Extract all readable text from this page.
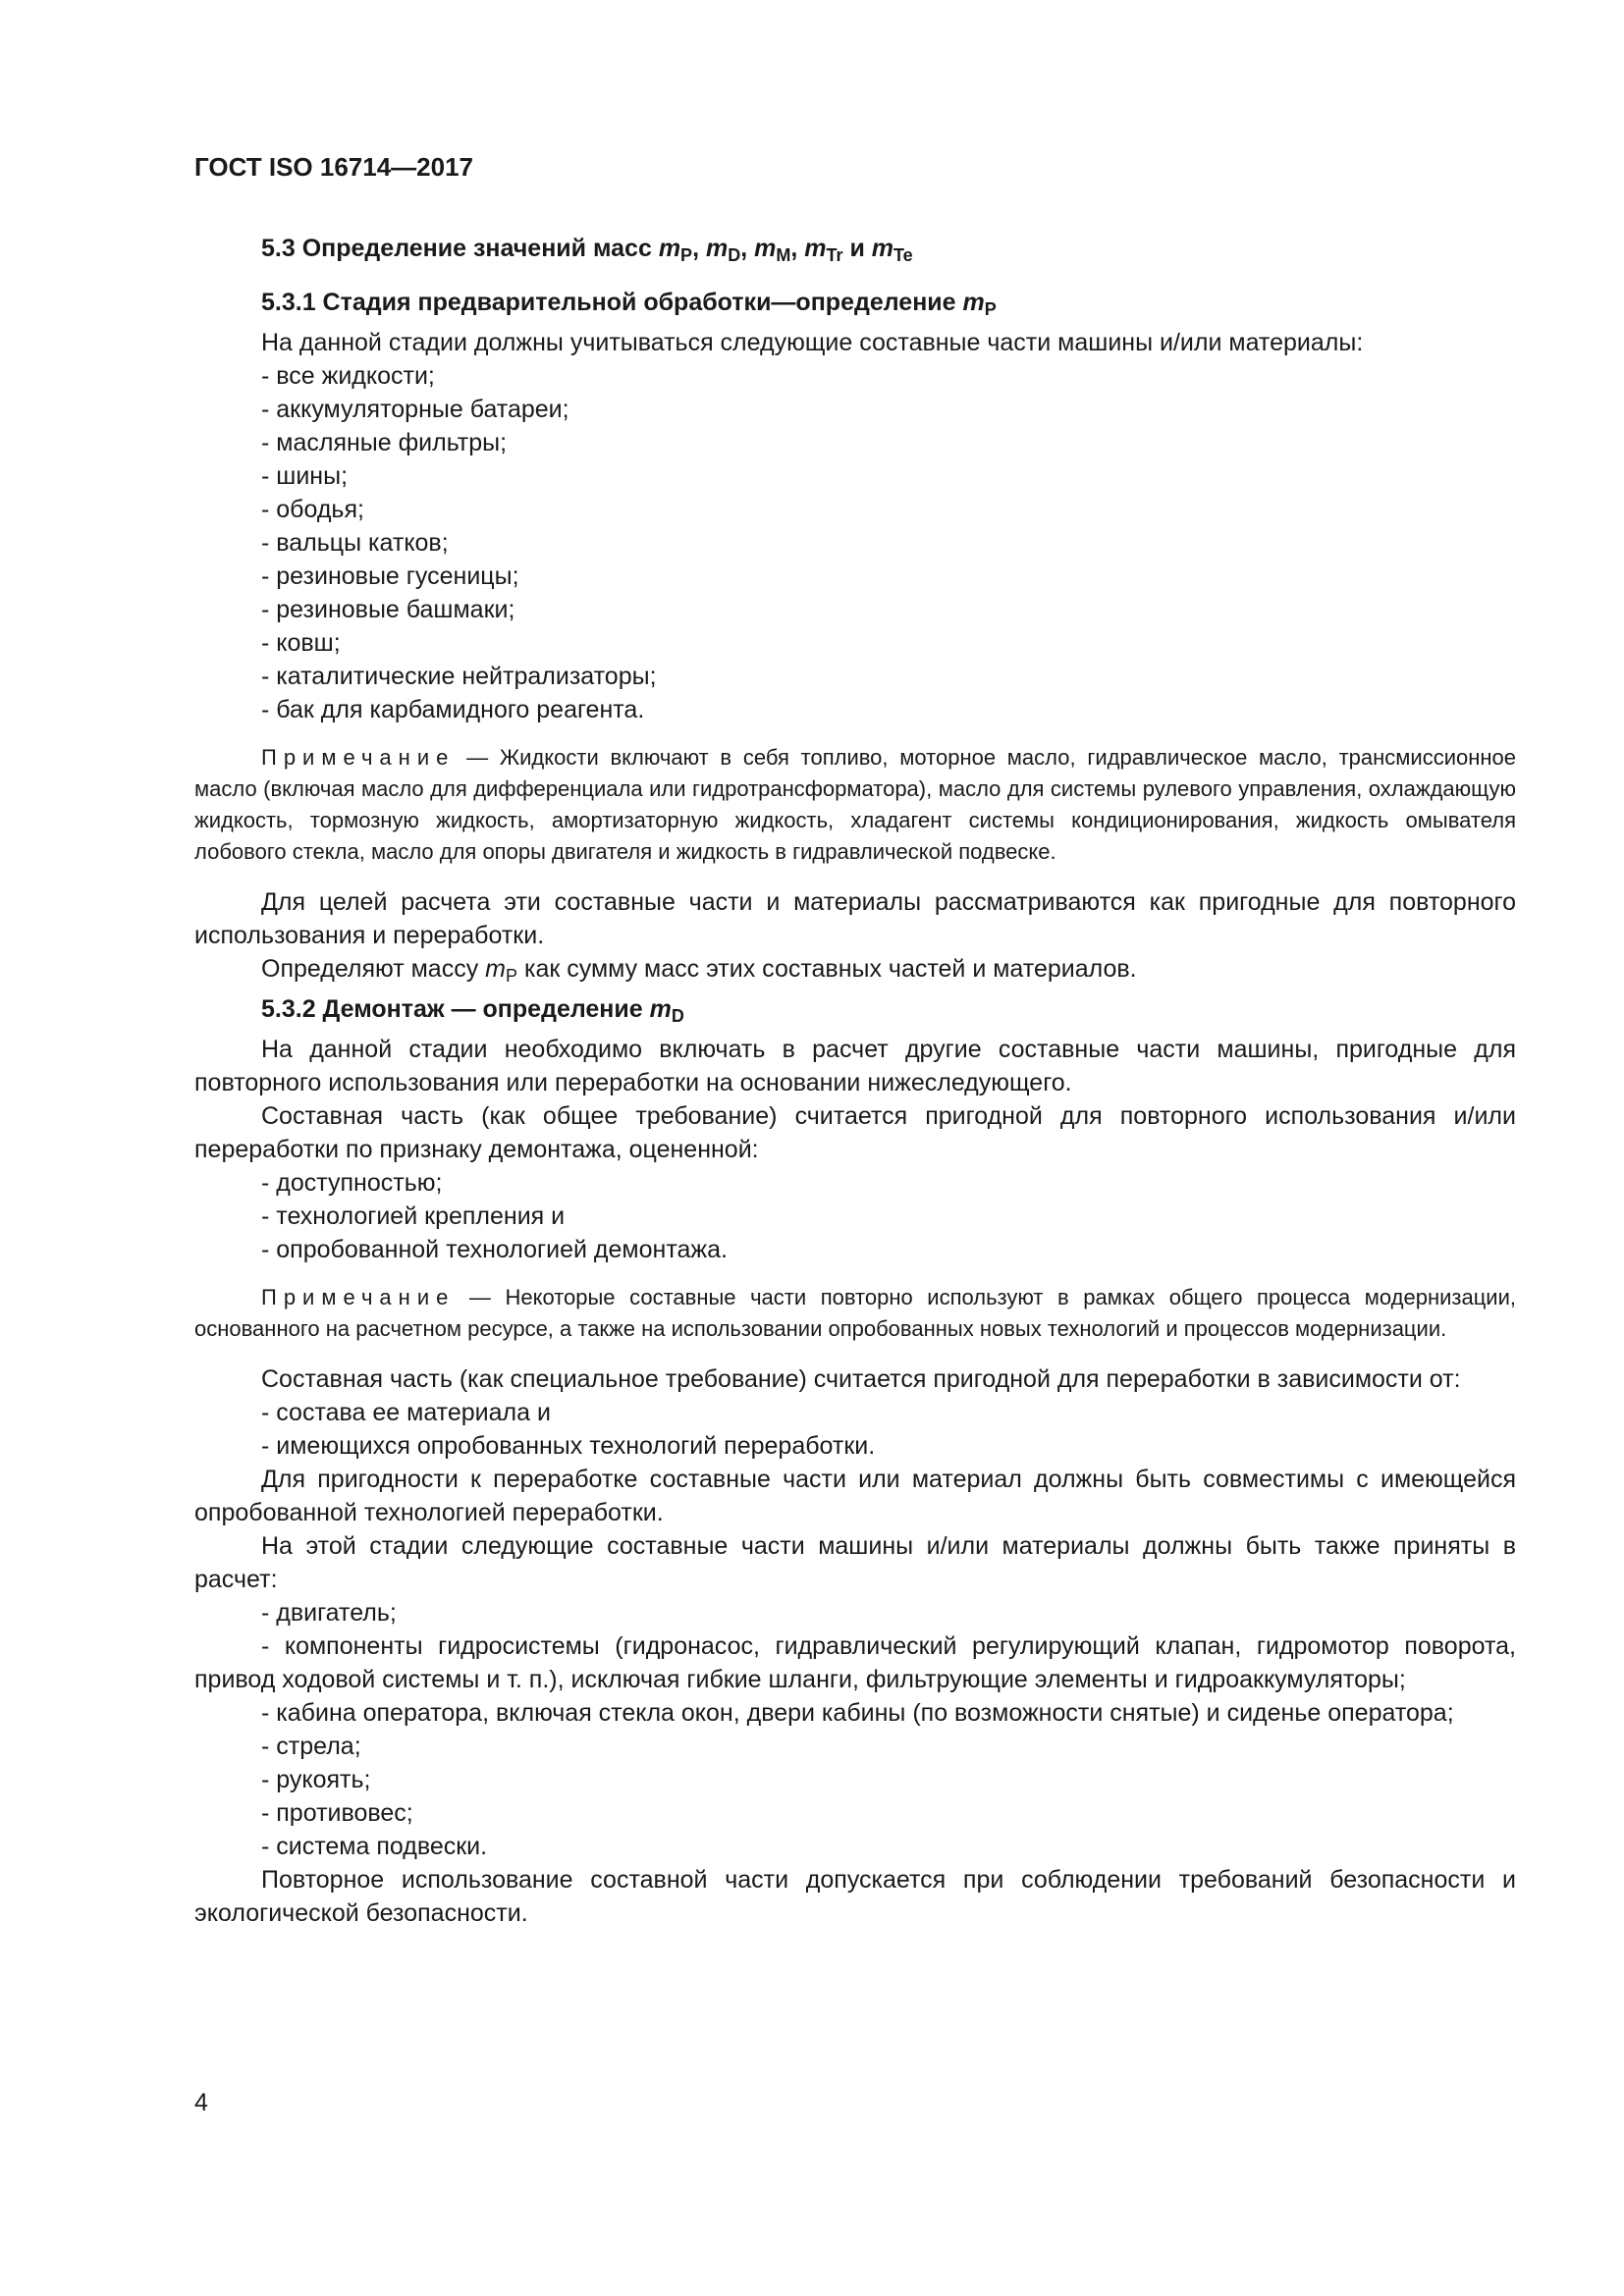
ГОСТ ISO 16714—2017
5.3 Определение значений масс $m_P$, $m_D$, $m_M$, $m_{Tr}$ и $m_{Te}$
5.3.1 Стадия предварительной обработки—определение $m_P$

На данной стадии должны учитываться следующие составные части машины и/или материалы:

- все жидкости;

- аккумуляторные батареи;

- масляные фильтры;

- шины;

- ободья;

- вальцы катков;

- резиновые гусеницы;

- резиновые башмаки;

- ковш;

- каталитические нейтрализаторы;

- бак для карбамидного реагента.

Примечание — Жидкости включают в себя топливо, моторное масло, гидравлическое масло, трансмиссионное масло (включая масло для дифференциала или гидротрансформатора), масло для системы рулевого управления, охлаждающую жидкость, тормозную жидкость, амортизаторную жидкость, хладагент системы кондиционирования, жидкость омывателя лобового стекла, масло для опоры двигателя и жидкость в гидравлической подвеске.

Для целей расчета эти составные части и материалы рассматриваются как пригодные для повторного использования и переработки.

Определяют массу $m_P$ как сумму масс этих составных частей и материалов.

5.3.2 Демонтаж — определение $m_D$

На данной стадии необходимо включать в расчет другие составные части машины, пригодные для повторного использования или переработки на основании нижеследующего.

Составная часть (как общее требование) считается пригодной для повторного использования и/или переработки по признаку демонтажа, оцененной:

- доступностью;

- технологией крепления и

- опробованной технологией демонтажа.

Примечание — Некоторые составные части повторно используют в рамках общего процесса модернизации, основанного на расчетном ресурсе, а также на использовании опробованных новых технологий и процессов модернизации.

Составная часть (как специальное требование) считается пригодной для переработки в зависимости от:

- состава ее материала и

- имеющихся опробованных технологий переработки.

Для пригодности к переработке составные части или материал должны быть совместимы с имеющейся опробованной технологией переработки.

На этой стадии следующие составные части машины и/или материалы должны быть также приняты в расчет:

- двигатель;

- компоненты гидросистемы (гидронасос, гидравлический регулирующий клапан, гидромотор поворота, привод ходовой системы и т. п.), исключая гибкие шланги, фильтрующие элементы и гидроаккумуляторы;

- кабина оператора, включая стекла окон, двери кабины (по возможности снятые) и сиденье оператора;

- стрела;

- рукоять;

- противовес;

- система подвески.

Повторное использование составной части допускается при соблюдении требований безопасности и экологической безопасности.

4
